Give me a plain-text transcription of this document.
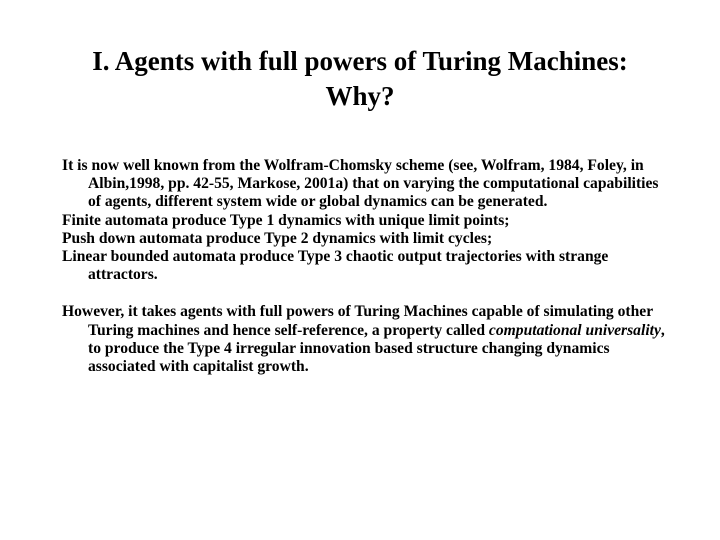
I. Agents with full powers of Turing Machines:
Why?

It is now well known from the Wolfram-Chomsky scheme (see, Wolfram, 1984, Foley, in Albin,1998, pp. 42-55, Markose, 2001a) that on varying the computational capabilities of agents, different system wide or global dynamics can be generated.

Finite automata produce Type 1 dynamics with unique limit points;

Push down automata produce Type 2 dynamics with limit cycles;

Linear bounded automata produce Type 3 chaotic output trajectories with strange attractors.

However, it takes agents with full powers of Turing Machines capable of simulating other Turing machines and hence self-reference, a property called computational universality, to produce the Type 4 irregular innovation based structure changing dynamics associated with capitalist growth.
